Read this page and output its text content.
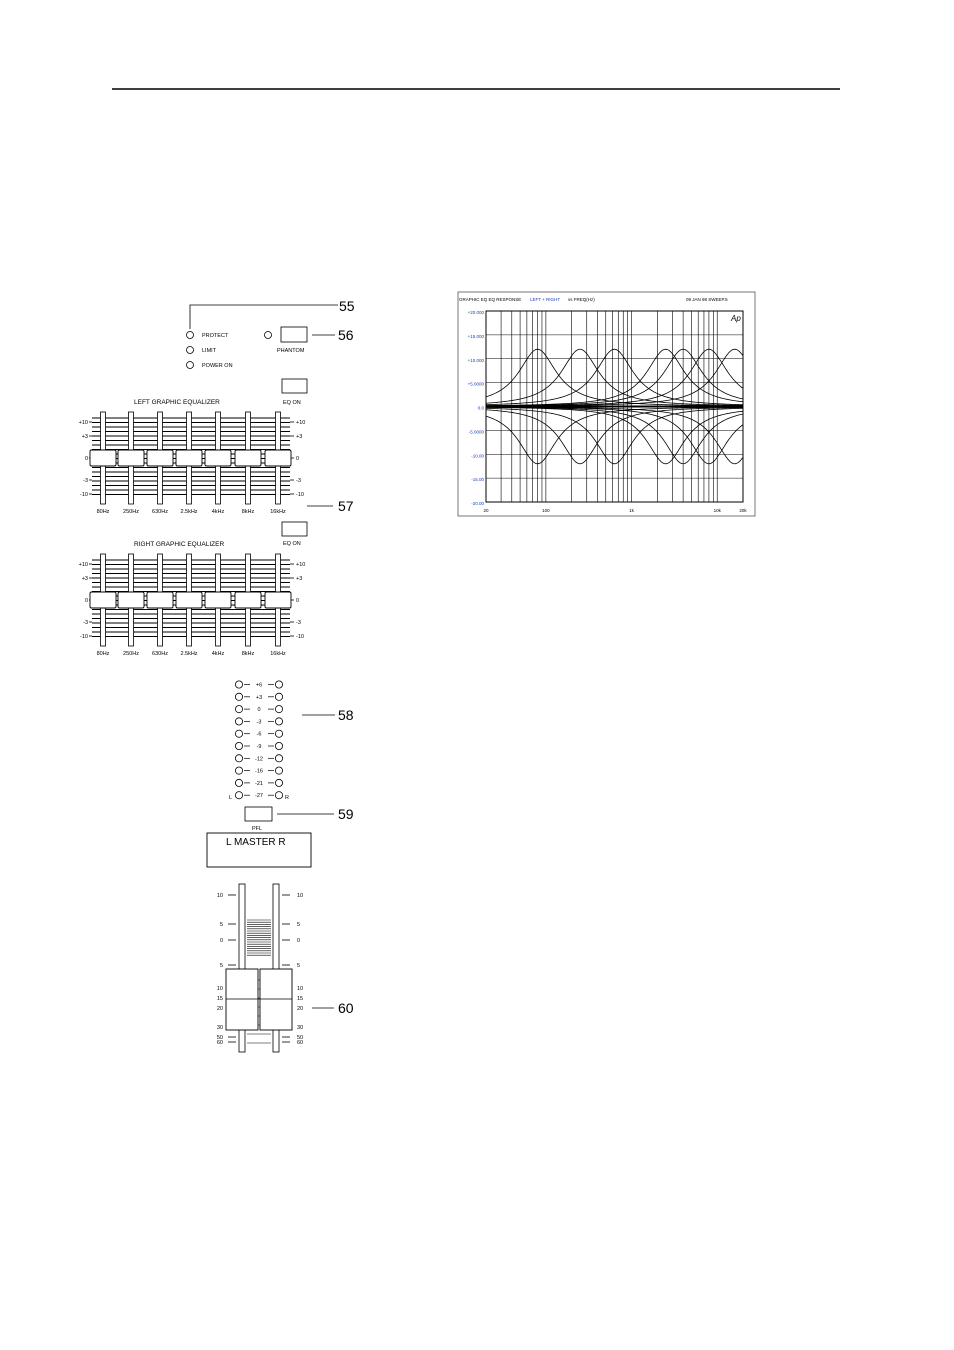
55
PROTECT
LIMIT
POWER ON
PHANTOM
56
EQ ON
LEFT GRAPHIC EQUALIZER
57
+10	+10
+3	+3
0	0
-3	-3
-10	-10
80Hz 250Hz 630Hz 2.5kHz	4kHz	8kHz	16kHz
EQ ON
RIGHT GRAPHIC EQUALIZER
+10	+10
+3	+3
0	0
-3	-3
-10	-10
80Hz 250Hz 630Hz 2.5kHz	4kHz	8kHz	16kHz
58
L	R
+6
+3
0
-3
-6
-9
-12
-16
-21
-27
PFL
59
L MASTER R
60
10	10
5	5
0	0
5	5
10	10
15	15
20	20
30	30
50	50
60	60
GRAPHIC EQ EQ RESPONSE LEFT + RIGHT vs FREQ(Hz)	09 JAN 98 SWEEP.5
Ap
+20.000
+15.000
+10.000
+5.0000
0.0
-5.0000
-10.00
-15.00
-20.00
20	100	1k	10k	20k
